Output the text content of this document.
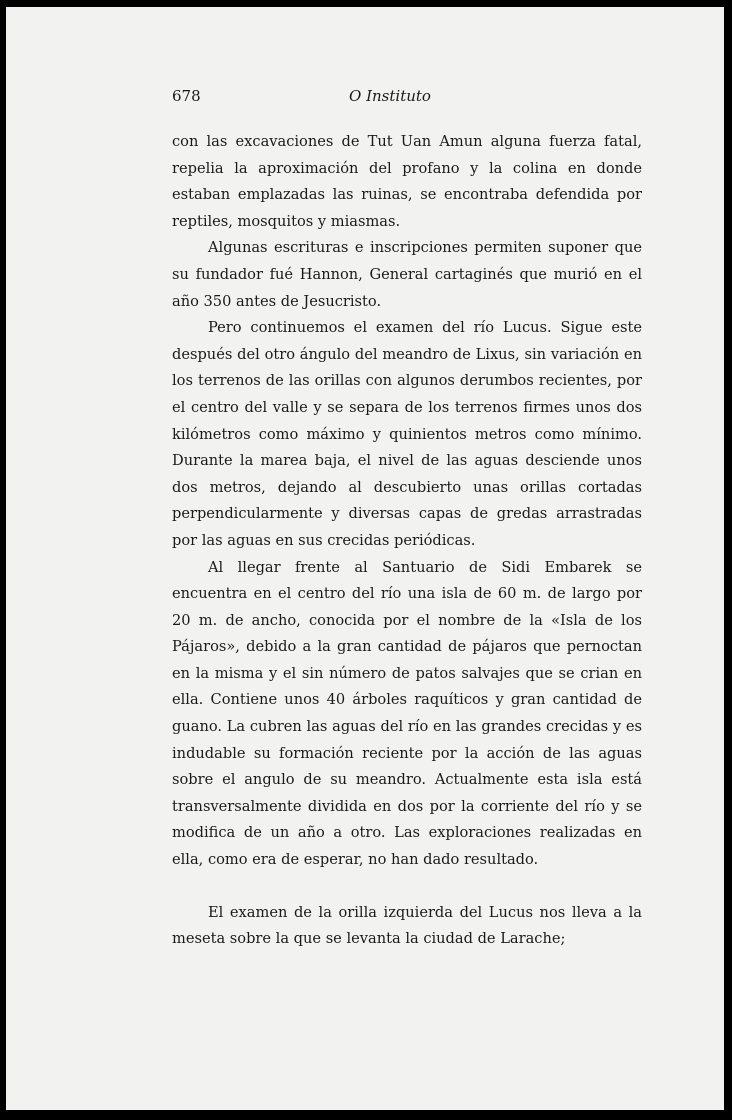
678	O Instituto

con las excavaciones de Tut Uan Amun alguna fuerza fatal, repelia la aproximación del profano y la colina en donde estaban emplazadas las ruinas, se encontraba defendida por reptiles, mosquitos y miasmas.

Algunas escrituras e inscripciones permiten suponer que su fundador fué Hannon, General cartaginés que murió en el año 350 antes de Jesucristo.

Pero continuemos el examen del río Lucus. Sigue este después del otro ángulo del meandro de Lixus, sin variación en los terrenos de las orillas con algunos derumbos recientes, por el centro del valle y se separa de los terrenos firmes unos dos kilómetros como máximo y quinientos metros como mínimo. Durante la marea baja, el nivel de las aguas desciende unos dos metros, dejando al descubierto unas orillas cortadas perpendicularmente y diversas capas de gredas arrastradas por las aguas en sus crecidas periódicas.

Al llegar frente al Santuario de Sidi Embarek se encuentra en el centro del río una isla de 60 m. de largo por 20 m. de ancho, conocida por el nombre de la «Isla de los Pájaros», debido a la gran cantidad de pájaros que pernoctan en la misma y el sin número de patos salvajes que se crian en ella. Contiene unos 40 árboles raquíticos y gran cantidad de guano. La cubren las aguas del río en las grandes crecidas y es indudable su formación reciente por la acción de las aguas sobre el angulo de su meandro. Actualmente esta isla está transversalmente dividida en dos por la corriente del río y se modifica de un año a otro. Las exploraciones realizadas en ella, como era de esperar, no han dado resultado.

El examen de la orilla izquierda del Lucus nos lleva a la meseta sobre la que se levanta la ciudad de Larache;
